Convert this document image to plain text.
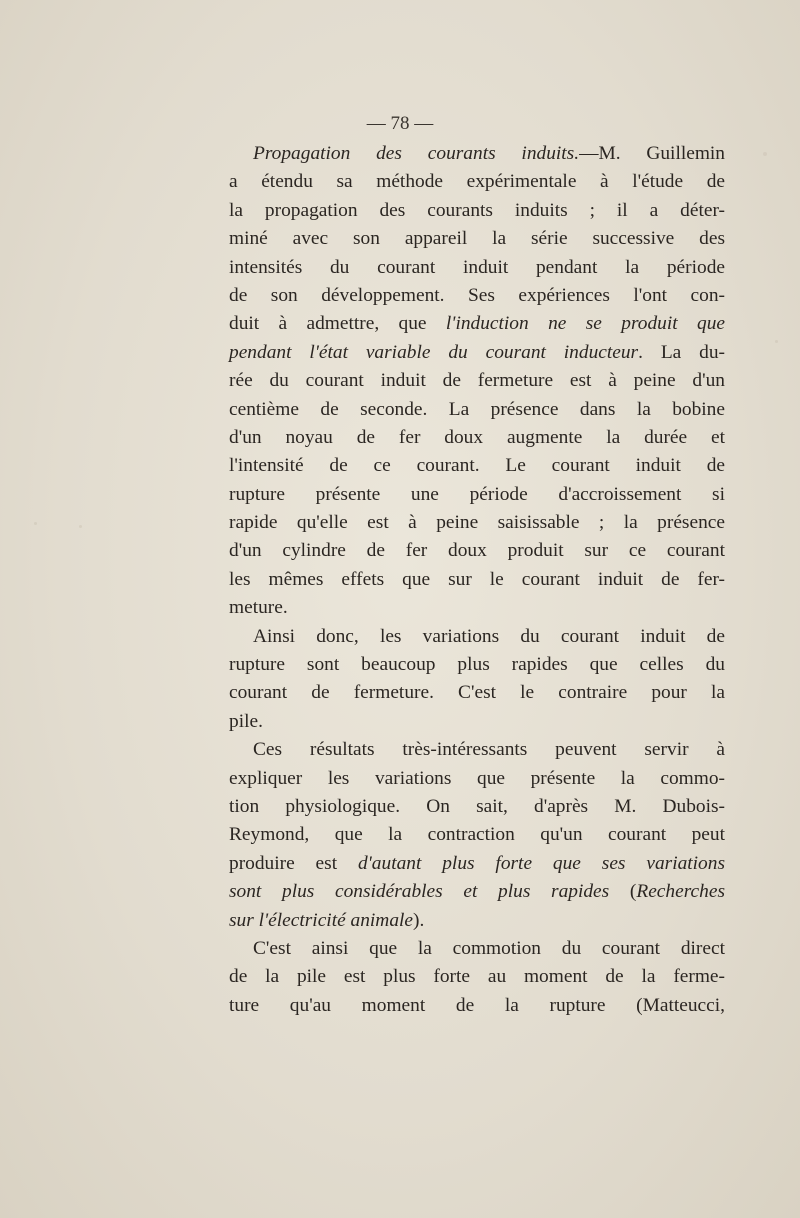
— 78 —
Propagation des courants induits.—M. Guillemin
a étendu sa méthode expérimentale à l'étude de
la propagation des courants induits ; il a déter-
miné avec son appareil la série successive des
intensités du courant induit pendant la période
de son développement. Ses expériences l'ont con-
duit à admettre, que l'induction ne se produit que
pendant l'état variable du courant inducteur. La du-
rée du courant induit de fermeture est à peine d'un
centième de seconde. La présence dans la bobine
d'un noyau de fer doux augmente la durée et
l'intensité de ce courant. Le courant induit de
rupture présente une période d'accroissement si
rapide qu'elle est à peine saisissable ; la présence
d'un cylindre de fer doux produit sur ce courant
les mêmes effets que sur le courant induit de fer-
meture.
Ainsi donc, les variations du courant induit de
rupture sont beaucoup plus rapides que celles du
courant de fermeture. C'est le contraire pour la
pile.
Ces résultats très-intéressants peuvent servir à
expliquer les variations que présente la commo-
tion physiologique. On sait, d'après M. Dubois-
Reymond, que la contraction qu'un courant peut
produire est d'autant plus forte que ses variations
sont plus considérables et plus rapides (Recherches
sur l'électricité animale).
C'est ainsi que la commotion du courant direct
de la pile est plus forte au moment de la ferme-
ture qu'au moment de la rupture (Matteucci,
